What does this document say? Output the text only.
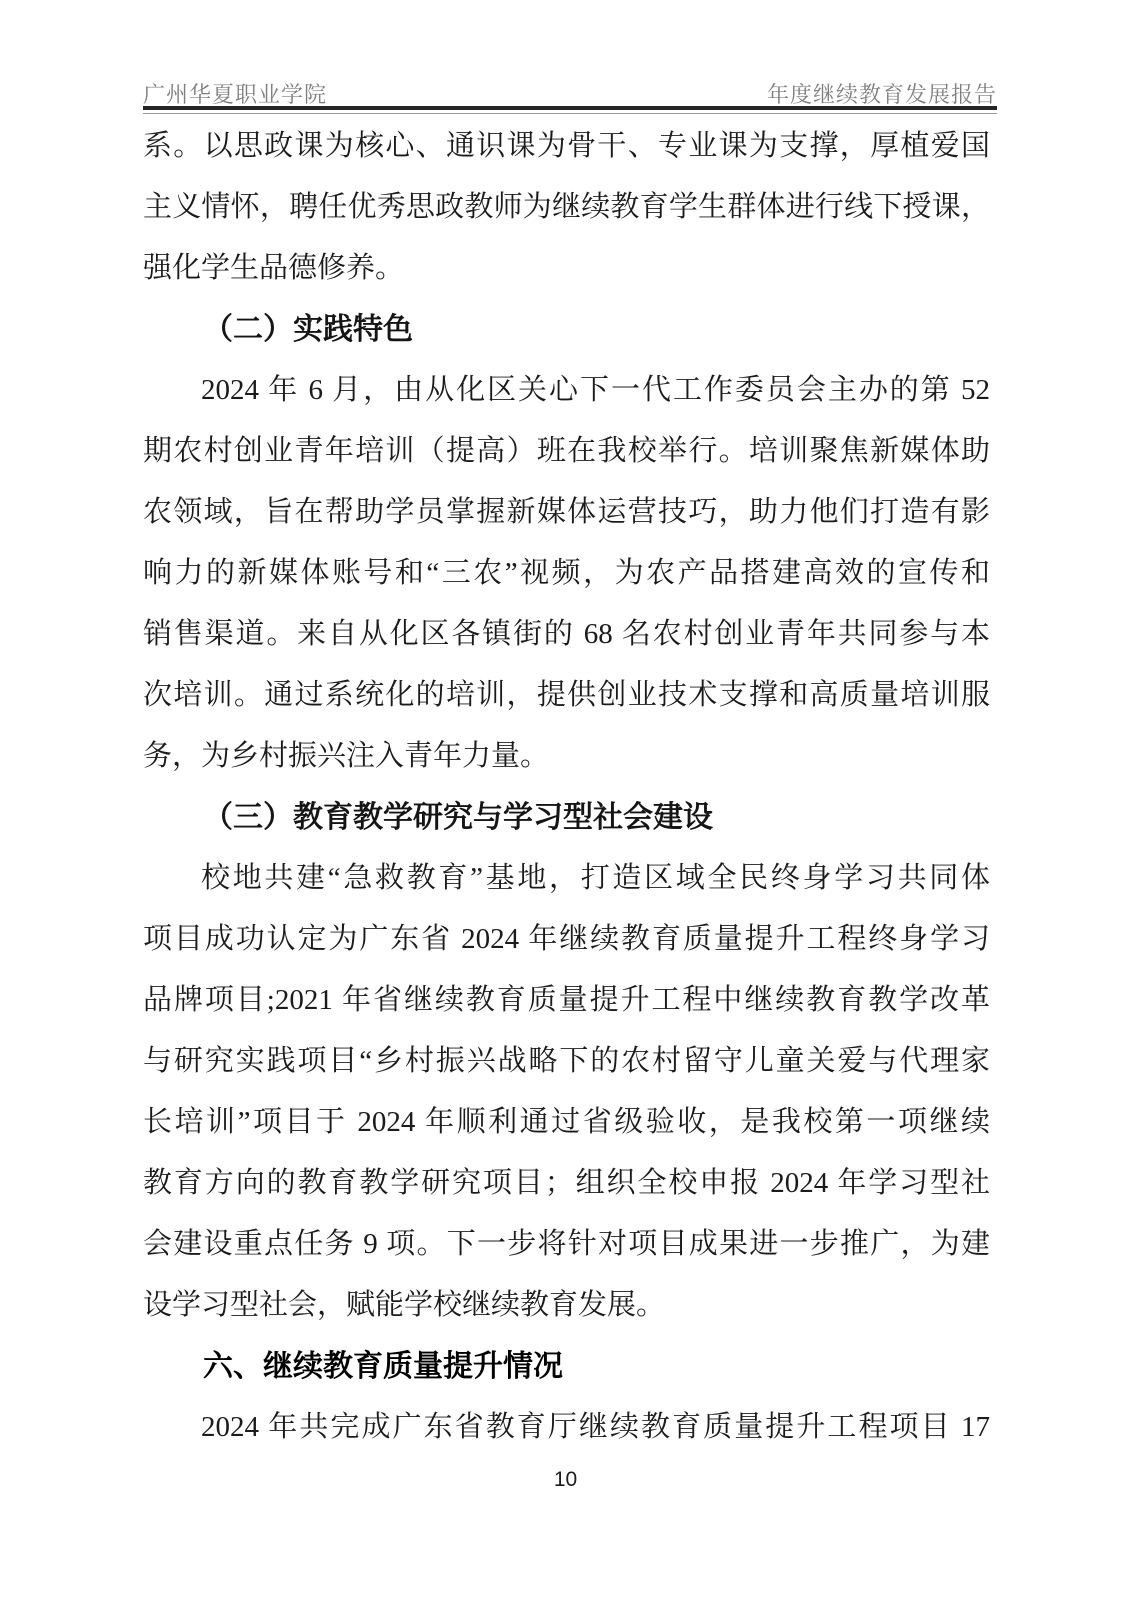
广州华夏职业学院	年度继续教育发展报告
系。以思政课为核心、通识课为骨干、专业课为支撑，厚植爱国
主义情怀，聘任优秀思政教师为继续教育学生群体进行线下授课，
强化学生品德修养。
（二）实践特色
2024 年 6 月，由从化区关心下一代工作委员会主办的第 52
期农村创业青年培训（提高）班在我校举行。培训聚焦新媒体助
农领域，旨在帮助学员掌握新媒体运营技巧，助力他们打造有影
响力的新媒体账号和“三农”视频，为农产品搭建高效的宣传和
销售渠道。来自从化区各镇街的 68 名农村创业青年共同参与本
次培训。通过系统化的培训，提供创业技术支撑和高质量培训服
务，为乡村振兴注入青年力量。
（三）教育教学研究与学习型社会建设
校地共建“急救教育”基地，打造区域全民终身学习共同体
项目成功认定为广东省 2024 年继续教育质量提升工程终身学习
品牌项目;2021 年省继续教育质量提升工程中继续教育教学改革
与研究实践项目“乡村振兴战略下的农村留守儿童关爱与代理家
长培训”项目于 2024 年顺利通过省级验收，是我校第一项继续
教育方向的教育教学研究项目；组织全校申报 2024 年学习型社
会建设重点任务 9 项。下一步将针对项目成果进一步推广，为建
设学习型社会，赋能学校继续教育发展。
六、继续教育质量提升情况
2024 年共完成广东省教育厅继续教育质量提升工程项目 17
10
